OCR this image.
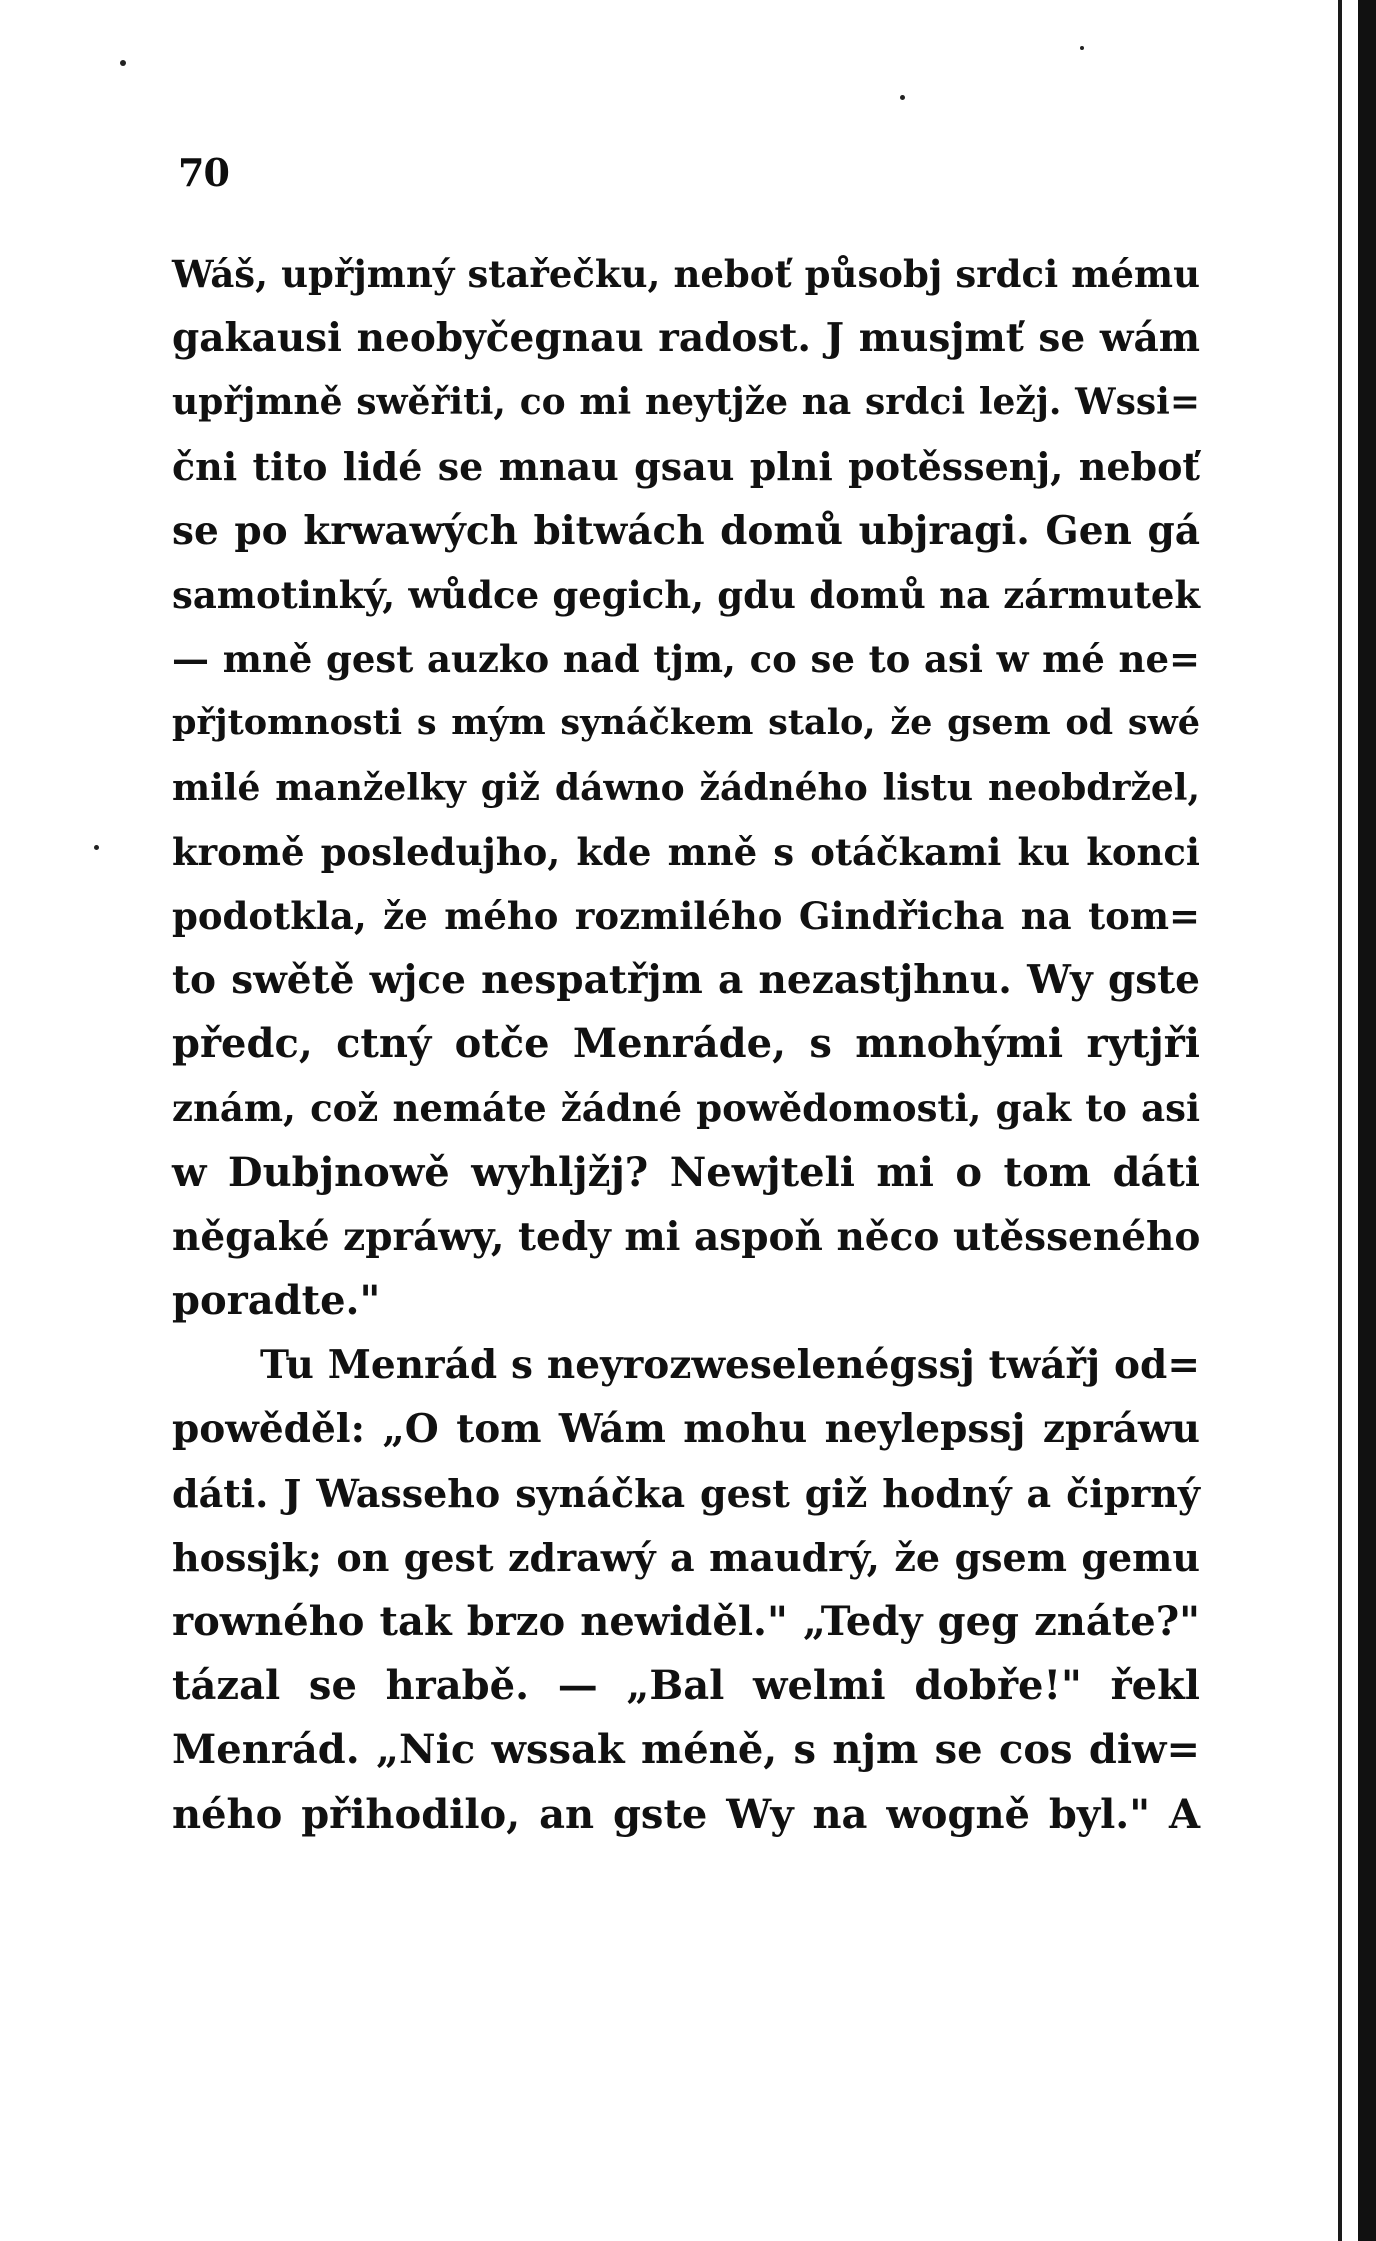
70
Wáš, upřjmný stařečku, neboť působj srdci mému
gakausi neobyčegnau radost. J musjmť se wám
upřjmně swěřiti, co mi neytjže na srdci ležj. Wssi=
čni tito lidé se mnau gsau plni potěssenj, neboť
se po krwawých bitwách domů ubjragi. Gen gá
samotinký, wůdce gegich, gdu domů na zármutek
— mně gest auzko nad tjm, co se to asi w mé ne=
přjtomnosti s mým synáčkem stalo, že gsem od swé
milé manželky giž dáwno žádného listu neobdržel,
kromě posledujho, kde mně s otáčkami ku konci
podotkla, že mého rozmilého Gindřicha na tom=
to swětě wjce nespatřjm a nezastjhnu. Wy gste
předc, ctný otče Menráde, s mnohými rytjři
znám, což nemáte žádné powědomosti, gak to asi
w Dubjnowě wyhljžj? Newjteli mi o tom dáti
něgaké zpráwy, tedy mi aspoň něco utěsseného
poradte."
Tu Menrád s neyrozweselenégssj twářj od=
powěděl: „O tom Wám mohu neylepssj zpráwu
dáti. J Wasseho synáčka gest giž hodný a čiprný
hossjk; on gest zdrawý a maudrý, že gsem gemu
rowného tak brzo newiděl." „Tedy geg znáte?"
tázal se hrabě. — „Bal welmi dobře!" řekl
Menrád. „Nic wssak méně, s njm se cos diw=
ného přihodilo, an gste Wy na wogně byl." A
